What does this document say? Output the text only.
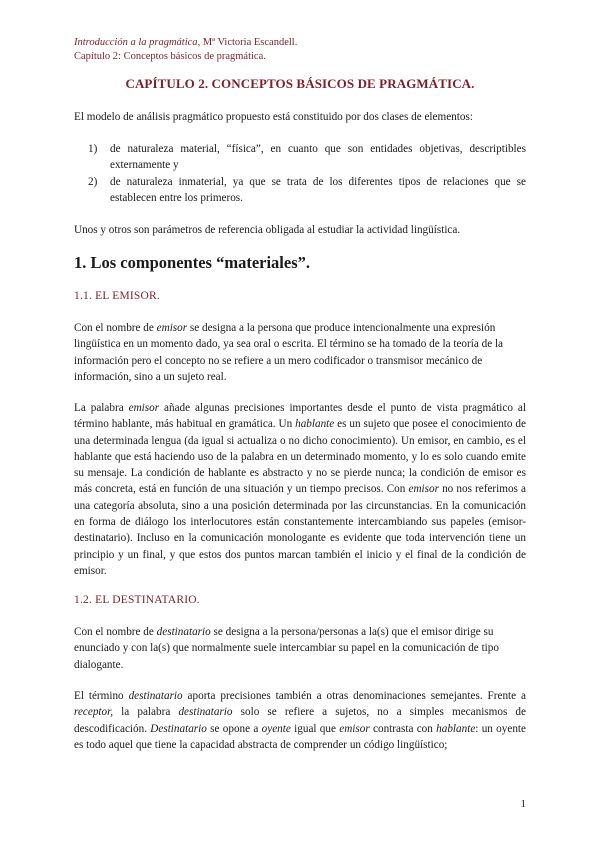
Introducción a la pragmática, Mª Victoria Escandell.

Capítulo 2: Conceptos básicos de pragmática.

CAPÍTULO 2. CONCEPTOS BÁSICOS DE PRAGMÁTICA.

El modelo de análisis pragmático propuesto está constituido por dos clases de elementos:

1) de naturaleza material, “física”, en cuanto que son entidades objetivas, descriptibles externamente y
2) de naturaleza inmaterial, ya que se trata de los diferentes tipos de relaciones que se establecen entre los primeros.

Unos y otros son parámetros de referencia obligada al estudiar la actividad lingüística.

1. Los componentes “materiales”.

1.1. EL EMISOR.

Con el nombre de emisor se designa a la persona que produce intencionalmente una expresión lingüística en un momento dado, ya sea oral o escrita. El término se ha tomado de la teoría de la información pero el concepto no se refiere a un mero codificador o transmisor mecánico de información, sino a un sujeto real.

La palabra emisor añade algunas precisiones importantes desde el punto de vista pragmático al término hablante, más habitual en gramática. Un hablante es un sujeto que posee el conocimiento de una determinada lengua (da igual si actualiza o no dicho conocimiento). Un emisor, en cambio, es el hablante que está haciendo uso de la palabra en un determinado momento, y lo es solo cuando emite su mensaje. La condición de hablante es abstracto y no se pierde nunca; la condición de emisor es más concreta, está en función de una situación y un tiempo precisos. Con emisor no nos referimos a una categoría absoluta, sino a una posición determinada por las circunstancias. En la comunicación en forma de diálogo los interlocutores están constantemente intercambiando sus papeles (emisor-destinatario). Incluso en la comunicación monologante es evidente que toda intervención tiene un principio y un final, y que estos dos puntos marcan también el inicio y el final de la condición de emisor.

1.2. EL DESTINATARIO.

Con el nombre de destinatario se designa a la persona/personas a la(s) que el emisor dirige su enunciado y con la(s) que normalmente suele intercambiar su papel en la comunicación de tipo dialogante.

El término destinatario aporta precisiones también a otras denominaciones semejantes. Frente a receptor, la palabra destinatario solo se refiere a sujetos, no a simples mecanismos de descodificación. Destinatario se opone a oyente igual que emisor contrasta con hablante: un oyente es todo aquel que tiene la capacidad abstracta de comprender un código lingüístico;

1
